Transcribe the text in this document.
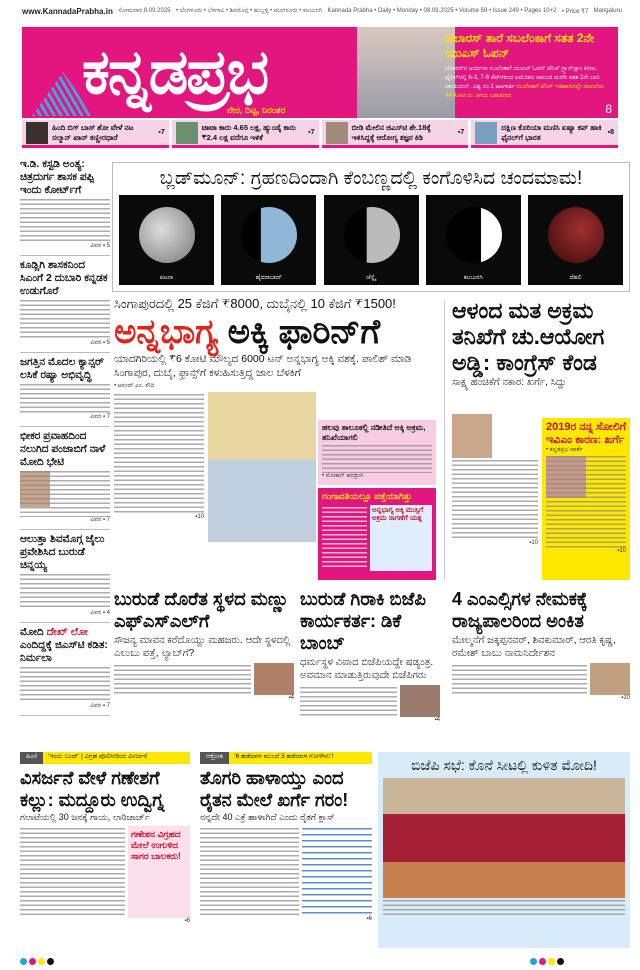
www.KannadaPrabha.in ಸೋಮವಾರ 8.09.2025 • ಬೆಂಗಳೂರು • ಬೆಳಗಾವಿ • ಶಿವಮೊಗ್ಗ • ಹುಬ್ಬಳ್ಳಿ • ಮಂಗಳೂರು • ಕಲಬುರಗಿ Kannada Prabha • Daily • Monday • 08.09.2025 • Volume 59 • Issue 249 • Pages 10+2 • Price ₹7 Mangaluru
ಕನ್ನಡಪ್ರಭ
ನೇರ, ದಿಟ್ಟ, ನಿರಂತರ
ಬೆಲಾರಸ್ ತಾರೆ ಸಬಲೆಂಕಾಗೆ ಸತತ 2ನೇ ಯುಎಸ್ ಓಪನ್
ಬೆಲಾರಸ್‌ನ ಆರ್ಯನಾ ಸಬಲೆಂಕಾಗೆ ಯುಎಸ್ ಓಪನ್ ಟೆನಿಸ್ ಗ್ರ್ಯಾನ್‌ಸ್ಲಾಂ ಕಿರೀಟ. ಫೈನಲ್‌ನಲ್ಲಿ 6-3, 7-6 ಸೆಟ್‌ಗಳಿಂದ ಅಮೆರಿಕದ ಅಮಂಡ ಮಣಿಸಿ ಸತತ 2ನೇ ಬಾರಿ ಚಾಂಪಿಯನ್. ವಿಶ್ವ ನಂ.1 ಆಟಗಾರ್ತಿ ಸಬಲೆಂಕಾಗೆ ಟೆನಿಸ್ ಇತಿಹಾಸದಲ್ಲೇ ದಾಖಲೆಯ 44 ಕೋಟಿ ರು. ನಗದು ಬಹುಮಾನ
8
ಹಿಂದಿ ಬಿಗ್ ಬಾಸ್ ಶೋ ವೇಳೆ ನಟ ಸಲ್ಮಾನ್ ಖಾನ್ ಕಣ್ಣೀರಧಾರೆ
▪7
ಟಾಟಾ ಕಾರು 4.65 ಲಕ್ಷ, ಹ್ಯುಂಡೈ ಕಾರು ₹2.4 ಲಕ್ಷ ವರೆಗೂ ಇಳಿಕೆ
▪7
ಬೀಡಿ ಮೇಲಿನ ಜಿಎಸ್‌ಟಿ ಶೇ.18ಕ್ಕೆ ಇಳಿಸಿದ್ದಕ್ಕೆ ಆರೋಗ್ಯ ತಜ್ಞರ ಕಿಡಿ
▪7
ದಕ್ಷಿಣ ಕೊರಿಯಾ ಮಣಿಸಿ ಏಷ್ಯಾ ಕಪ್ ಹಾಕಿ ಫೈನಲ್‌ಗೆ ಭಾರತ
▪8
ಇ.ಡಿ. ಕಸ್ಟಡಿ ಅಂತ್ಯ: ಚಿತ್ರದುರ್ಗ ಶಾಸಕ ಪಪ್ಪಿ ಇಂದು ಕೋರ್ಟ್‌ಗೆ
ವಿವರ ▪ 5
ಕೂಡ್ಲಿಗಿ ಶಾಸಕನಿಂದ ಸಿಎಂಗೆ 2 ದುಬಾರಿ ಕನ್ನಡಕ ಉಡುಗೊರೆ
ವಿವರ ▪ 5
ಜಗತ್ತಿನ ಮೊದಲ ಕ್ಯಾನ್ಸರ್ ಲಸಿಕೆ ರಷ್ಯಾ ಅಭಿವೃದ್ಧಿ
ವಿವರ ▪ 7
ಭೀಕರ ಪ್ರವಾಹದಿಂದ ನಲುಗಿದ ಪಂಜಾಬಿಗೆ ನಾಳೆ ಮೋದಿ ಭೇಟಿ
ವಿವರ ▪ 7
ಆಲುತ್ತಾ ಶಿವಮೊಗ್ಗ ಜೈಲು ಪ್ರವೇಶಿಸಿದ ಬುರುಡೆ ಚಿನ್ನಯ್ಯ
ವಿವರ ▪ 4
ಮೋದಿ ದೇಖ್ ಲೋ ಎಂದಿದ್ದಕ್ಕೆ ಜಿಎಸ್‌ಟಿ ಕಡಿತ: ನಿರ್ಮಲಾ
ವಿವರ ▪ 7
ಬ್ಲಡ್‌ಮೂನ್: ಗ್ರಹಣದಿಂದಾಗಿ ಕೆಂಬಣ್ಣದಲ್ಲಿ ಕಂಗೊಳಿಸಿದ ಚಂದಮಾಮ!
ಪಟನಾ	ಹೈದರಾಬಾದ್	ಚೆನ್ನೈ	ಕಲಬುರಗಿ	ದೆಹಲಿ
ಸಿಂಗಾಪುರದಲ್ಲಿ 25 ಕೆಜಿಗೆ ₹8000, ದುಬೈನಲ್ಲಿ 10 ಕೆಜಿಗೆ ₹1500!
ಅನ್ನಭಾಗ್ಯ ಅಕ್ಕಿ ಫಾರಿನ್‌ಗೆ
ಯಾದಗಿರಿಯಲ್ಲಿ ₹6 ಕೋಟಿ ಮೌಲ್ಯದ 6000 ಟನ್ ಅನ್ನಭಾಗ್ಯ ಅಕ್ಕಿ ವಶಕ್ಕೆ. ಪಾಲಿಶ್ ಮಾಡಿ ಸಿಂಗಾಪುರ, ದುಬೈ, ಫ್ರಾನ್ಸ್‌ಗೆ ಕಳುಹಿಸುತ್ತಿದ್ದ ಜಾಲ ಬೆಳಕಿಗೆ
• ಆನಂದ್ ಎಂ. ಸೌದಿ
▪10
ಹಲವು ತಾಲೂಕಲ್ಲಿ ನಡೀತಿದೆ ಅಕ್ಕಿ ಅಕ್ರಮ, ತನಿಖೆಯಾಗಲಿ
• ಮೋಹನ್ ಹಂಡ್ರಂಗಿ
ಗಂಗಾವತಿಯಲ್ಲೂ ಪತ್ತೆಯಾಗಿತ್ತು
ಅನ್ನಭಾಗ್ಯ ಅಕ್ಕಿ ಮುಸ್ಸಿಗೆ ಅಕ್ರಮ ಸಾಗಣೆಗೆ ಯತ್ನ
ಆಳಂದ ಮತ ಅಕ್ರಮ ತನಿಖೆಗೆ ಚು.ಆಯೋಗ ಅಡ್ಡಿ: ಕಾಂಗ್ರೆಸ್ ಕೆಂಡ
ಸಾಕ್ಷ್ಯ ಹಂಚಿಕೆಗೆ ನಕಾರ: ಖರ್ಗೆ, ಸಿದ್ದು
▪10
2019ರ ನನ್ನ ಸೋಲಿಗೆ ಇವಿಎಂ ಕಾರಣ: ಖರ್ಗೆ
• ಕನ್ನಡಪ್ರಭ ವಾರ್ತೆ
▪10
ಬುರುಡೆ ದೊರೆತ ಸ್ಥಳದ ಮಣ್ಣು ಎಫ್‌ಎಸ್ಎಲ್‌ಗೆ
ಸೌಜನ್ಯ ಮಾವನ ಕರೆದೊಯ್ದು ಮಹಜರು. ಆದೇ ಸ್ಥಳದಲ್ಲಿ ಎಲುಬು ಪತ್ತೆ, ಲ್ಯಾಬ್‌ಗೆ?
▪4
ಬುರುಡೆ ಗಿರಾಕಿ ಬಿಜೆಪಿ ಕಾರ್ಯಕರ್ತ: ಡಿಕೆ ಬಾಂಬ್
ಧರ್ಮಸ್ಥಳ ವಿವಾದ ಬಿಜೆಪಿಯದ್ದೇ ಷಡ್ಯಂತ್ರ. ಅವಮಾನ ಮಾಡುತ್ತಿರುವುದೇ ಬಿಜೆಪಿಗರು
▪4
4 ಎಂಎಲ್ಸಿಗಳ ನೇಮಕಕ್ಕೆ ರಾಜ್ಯಪಾಲರಿಂದ ಅಂಕಿತ
ಮೇಲ್ಮನೆಗೆ ಜಕ್ಕಪ್ಪನವರ್, ಶಿವಕುಮಾರ್, ಆರತಿ ಕೃಷ್ಣ, ರಮೇಶ್ ಬಾಬು ನಾಮನಿರ್ದೇಶನ
▪10
ಹಿಂಸೆ	'ಇಂದು ಬಂದ್' | ವಿಗ್ರಹ ಪೊಲೀಸರಿಂದ ವಿಸರ್ಜನೆ
ವಿಸರ್ಜನೆ ವೇಳೆ ಗಣೇಶಗೆ ಕಲ್ಲು: ಮದ್ದೂರು ಉದ್ವಿಗ್ನ
ಗಲಾಟೆಯಲ್ಲಿ 30 ಜನಕ್ಕೆ ಗಾಯ, ಲಾಠಿಚಾರ್ಜ್
ಗಣೇಶನ ವಿಗ್ರಹದ ಮೇಲೆ ಉಗುಳಿದ ಸಾಗರ ಬಾಲಕರು!
▪6
ಆಕ್ರೋಶ	'6 ಹಡೆದವಳ ಮುಂದೆ 3 ಹಡೆದವಳ ಗೋಳೇನು'!
ತೊಗರಿ ಹಾಳಾಯ್ತು ಎಂದ ರೈತನ ಮೇಲೆ ಖರ್ಗೆ ಗರಂ!
ನನ್ನದೇ 40 ಎಕ್ರೆ ಹಾಳಾಗಿದೆ ಎಂದು ರೈತಗೆ ಕ್ಲಾಸ್
▪6
ಬಿಜೆಪಿ ಸಭೆ: ಕೊನೆ ಸೀಟಲ್ಲಿ ಕುಳಿತ ಮೋದಿ!
